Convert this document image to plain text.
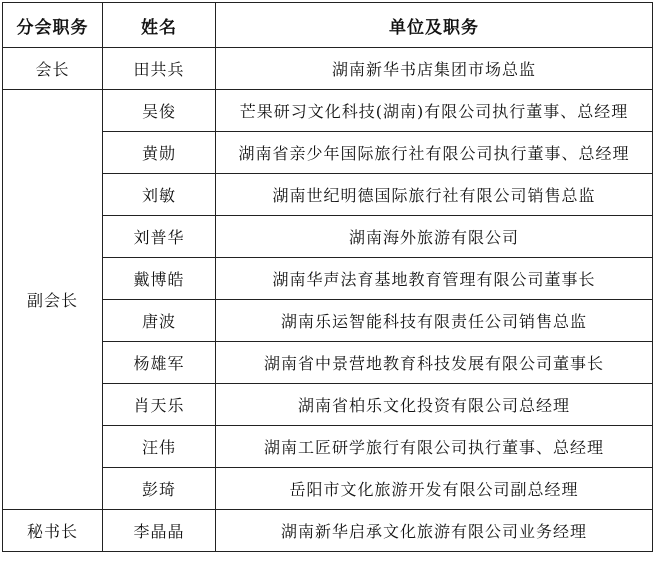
分会职务	姓名	单位及职务
会长	田共兵	湖南新华书店集团市场总监
副会长	吴俊	芒果研习文化科技(湖南)有限公司执行董事、总经理
	黄勋	湖南省亲少年国际旅行社有限公司执行董事、总经理
	刘敏	湖南世纪明德国际旅行社有限公司销售总监
	刘普华	湖南海外旅游有限公司
	戴博皓	湖南华声法育基地教育管理有限公司董事长
	唐波	湖南乐运智能科技有限责任公司销售总监
	杨雄军	湖南省中景营地教育科技发展有限公司董事长
	肖天乐	湖南省柏乐文化投资有限公司总经理
	汪伟	湖南工匠研学旅行有限公司执行董事、总经理
	彭琦	岳阳市文化旅游开发有限公司副总经理
秘书长	李晶晶	湖南新华启承文化旅游有限公司业务经理
